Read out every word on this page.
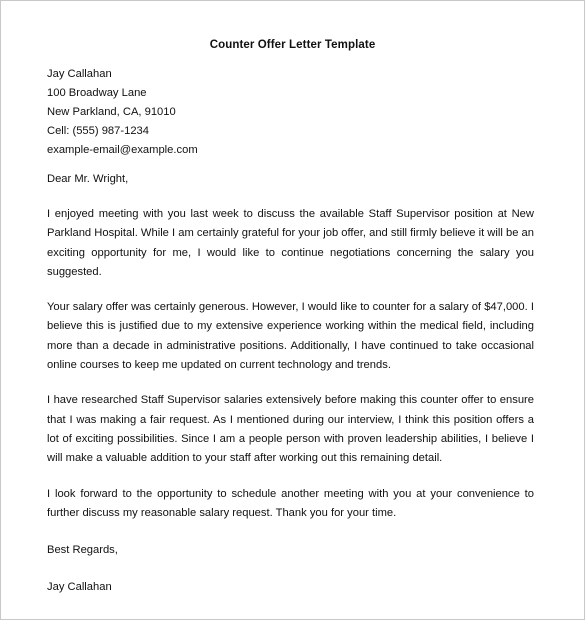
Counter Offer Letter Template
Jay Callahan
100 Broadway Lane
New Parkland, CA, 91010
Cell: (555) 987-1234
example-email@example.com
Dear Mr. Wright,
I enjoyed meeting with you last week to discuss the available Staff Supervisor position at New Parkland Hospital. While I am certainly grateful for your job offer, and still firmly believe it will be an exciting opportunity for me, I would like to continue negotiations concerning the salary you suggested.
Your salary offer was certainly generous. However, I would like to counter for a salary of $47,000. I believe this is justified due to my extensive experience working within the medical field, including more than a decade in administrative positions. Additionally, I have continued to take occasional online courses to keep me updated on current technology and trends.
I have researched Staff Supervisor salaries extensively before making this counter offer to ensure that I was making a fair request. As I mentioned during our interview, I think this position offers a lot of exciting possibilities. Since I am a people person with proven leadership abilities, I believe I will make a valuable addition to your staff after working out this remaining detail.
I look forward to the opportunity to schedule another meeting with you at your convenience to further discuss my reasonable salary request. Thank you for your time.
Best Regards,
Jay Callahan
